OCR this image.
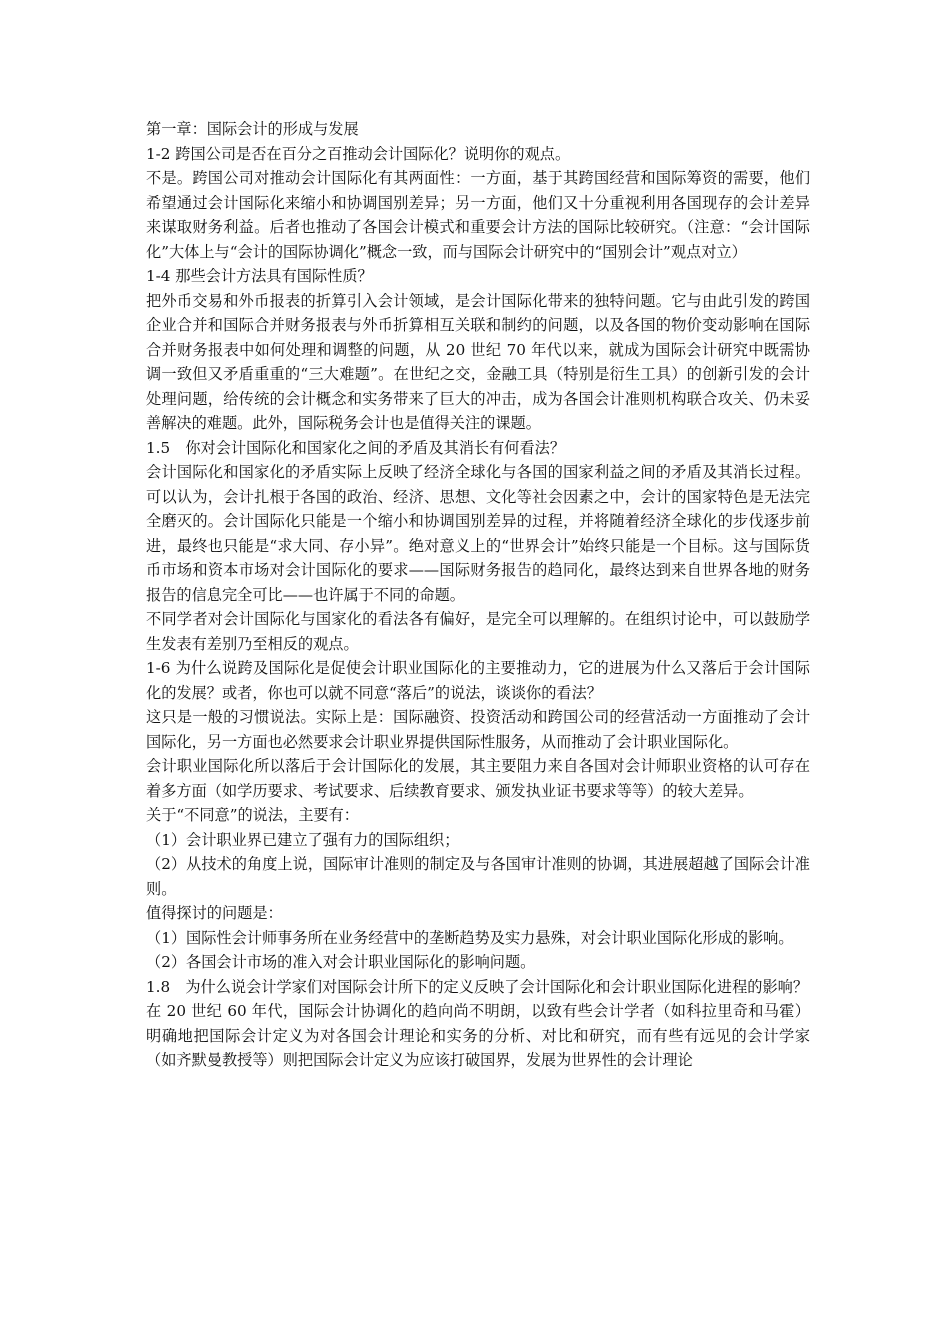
第一章：国际会计的形成与发展

1-2 跨国公司是否在百分之百推动会计国际化？说明你的观点。

不是。跨国公司对推动会计国际化有其两面性：一方面，基于其跨国经营和国际筹资的需要，他们希望通过会计国际化来缩小和协调国别差异；另一方面，他们又十分重视利用各国现存的会计差异来谋取财务利益。后者也推动了各国会计模式和重要会计方法的国际比较研究。（注意：“会计国际化”大体上与“会计的国际协调化”概念一致，而与国际会计研究中的“国别会计”观点对立）

1-4 那些会计方法具有国际性质？

把外币交易和外币报表的折算引入会计领域，是会计国际化带来的独特问题。它与由此引发的跨国企业合并和国际合并财务报表与外币折算相互关联和制约的问题，以及各国的物价变动影响在国际合并财务报表中如何处理和调整的问题，从 20 世纪 70 年代以来，就成为国际会计研究中既需协调一致但又矛盾重重的“三大难题”。在世纪之交，金融工具（特别是衍生工具）的创新引发的会计处理问题，给传统的会计概念和实务带来了巨大的冲击，成为各国会计准则机构联合攻关、仍未妥善解决的难题。此外，国际税务会计也是值得关注的课题。

1.5　你对会计国际化和国家化之间的矛盾及其消长有何看法？

会计国际化和国家化的矛盾实际上反映了经济全球化与各国的国家利益之间的矛盾及其消长过程。可以认为，会计扎根于各国的政治、经济、思想、文化等社会因素之中，会计的国家特色是无法完全磨灭的。会计国际化只能是一个缩小和协调国别差异的过程，并将随着经济全球化的步伐逐步前进，最终也只能是“求大同、存小异”。绝对意义上的“世界会计”始终只能是一个目标。这与国际货币市场和资本市场对会计国际化的要求——国际财务报告的趋同化，最终达到来自世界各地的财务报告的信息完全可比——也许属于不同的命题。

不同学者对会计国际化与国家化的看法各有偏好，是完全可以理解的。在组织讨论中，可以鼓励学生发表有差别乃至相反的观点。

1-6 为什么说跨及国际化是促使会计职业国际化的主要推动力，它的进展为什么又落后于会计国际化的发展？或者，你也可以就不同意“落后”的说法，谈谈你的看法？

这只是一般的习惯说法。实际上是：国际融资、投资活动和跨国公司的经营活动一方面推动了会计国际化，另一方面也必然要求会计职业界提供国际性服务，从而推动了会计职业国际化。

会计职业国际化所以落后于会计国际化的发展，其主要阻力来自各国对会计师职业资格的认可存在着多方面（如学历要求、考试要求、后续教育要求、颁发执业证书要求等等）的较大差异。

关于“不同意”的说法，主要有：

（1）会计职业界已建立了强有力的国际组织；

（2）从技术的角度上说，国际审计准则的制定及与各国审计准则的协调，其进展超越了国际会计准则。

值得探讨的问题是：

（1）国际性会计师事务所在业务经营中的垄断趋势及实力悬殊，对会计职业国际化形成的影响。

（2）各国会计市场的准入对会计职业国际化的影响问题。

1.8　为什么说会计学家们对国际会计所下的定义反映了会计国际化和会计职业国际化进程的影响？

在 20 世纪 60 年代，国际会计协调化的趋向尚不明朗，以致有些会计学者（如科拉里奇和马霍）明确地把国际会计定义为对各国会计理论和实务的分析、对比和研究，而有些有远见的会计学家（如齐默曼教授等）则把国际会计定义为应该打破国界，发展为世界性的会计理论
